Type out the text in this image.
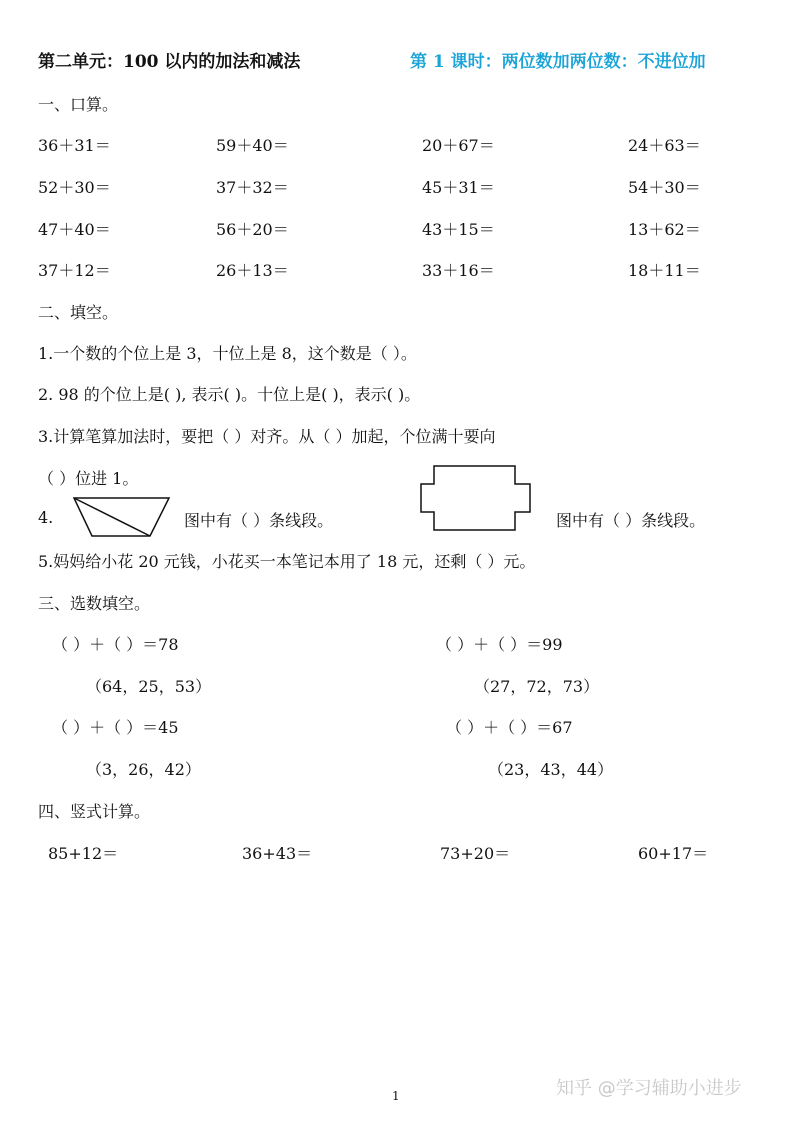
第二单元：100 以内的加法和减法	第 1 课时：两位数加两位数：不进位加
一、口算。
36＋31＝	59＋40＝	20＋67＝	24＋63＝
52＋30＝	37＋32＝	45＋31＝	54＋30＝
47＋40＝	56＋20＝	43＋15＝	13＋62＝
37＋12＝	26＋13＝	33＋16＝	18＋11＝
二、填空。
1.一个数的个位上是 3，十位上是 8，这个数是（ ）。
2. 98 的个位上是( ), 表示( )。十位上是( )，表示( )。
3.计算笔算加法时，要把（ ）对齐。从（ ）加起，个位满十要向
（ ）位进 1。
4.	图中有（ ）条线段。	图中有（ ）条线段。
5.妈妈给小花 20 元钱，小花买一本笔记本用了 18 元，还剩（ ）元。
三、选数填空。
（ ）＋（ ）＝78
（64，25，53）
（ ）＋（ ）＝99
（27，72，73）
（ ）＋（ ）＝45
（3，26，42）
（ ）＋（ ）＝67
（23，43，44）
四、竖式计算。
85+12＝	36+43＝	73+20＝	60+17＝
知乎 @学习辅助小进步
1
